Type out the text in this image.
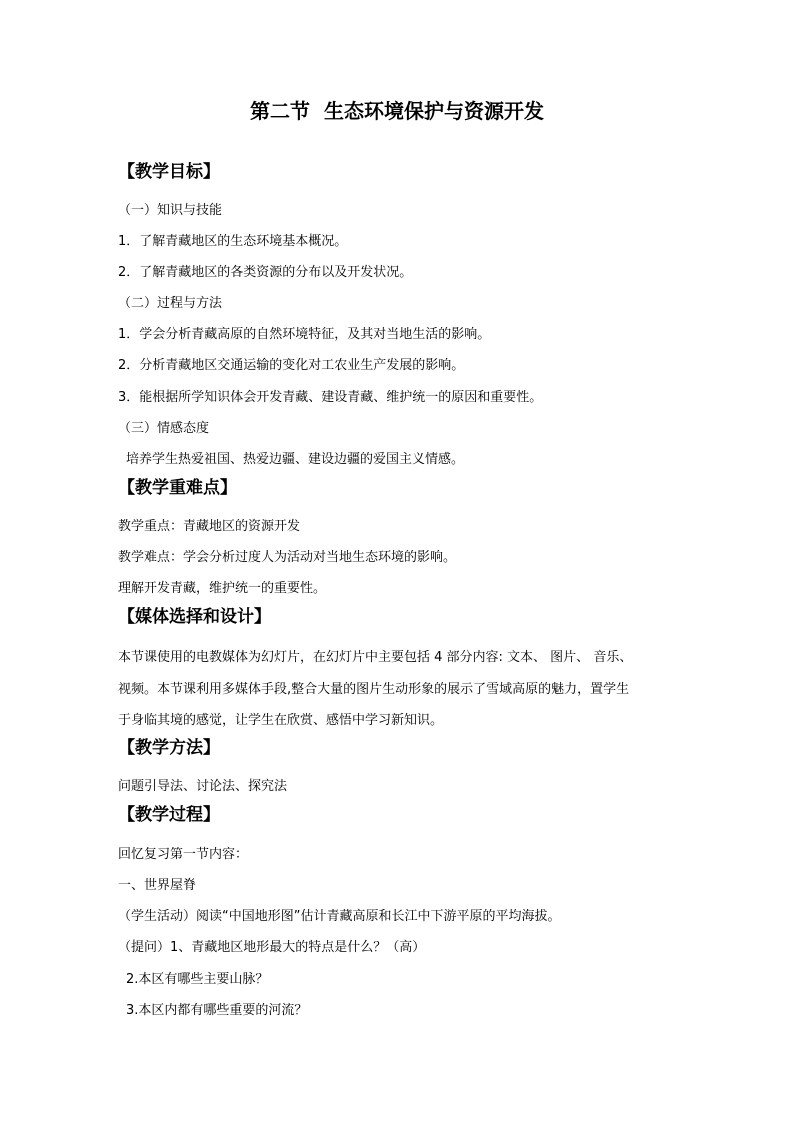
第二节  生态环境保护与资源开发
【教学目标】
（一）知识与技能
1．了解青藏地区的生态环境基本概况。
2．了解青藏地区的各类资源的分布以及开发状况。
（二）过程与方法
1．学会分析青藏高原的自然环境特征，及其对当地生活的影响。
2．分析青藏地区交通运输的变化对工农业生产发展的影响。
3．能根据所学知识体会开发青藏、建设青藏、维护统一的原因和重要性。
（三）情感态度
培养学生热爱祖国、热爱边疆、建设边疆的爱国主义情感。
【教学重难点】
教学重点：青藏地区的资源开发
教学难点：学会分析过度人为活动对当地生态环境的影响。
理解开发青藏，维护统一的重要性。
【媒体选择和设计】
本节课使用的电教媒体为幻灯片，在幻灯片中主要包括 4 部分内容: 文本、 图片、 音乐、
视频。本节课利用多媒体手段,整合大量的图片生动形象的展示了雪域高原的魅力，置学生
于身临其境的感觉，让学生在欣赏、感悟中学习新知识。
【教学方法】
问题引导法、讨论法、探究法
【教学过程】
回忆复习第一节内容：
一、世界屋脊
（学生活动）阅读“中国地形图”估计青藏高原和长江中下游平原的平均海拔。
（提问）1、青藏地区地形最大的特点是什么？（高）
2.本区有哪些主要山脉？
3.本区内都有哪些重要的河流？
